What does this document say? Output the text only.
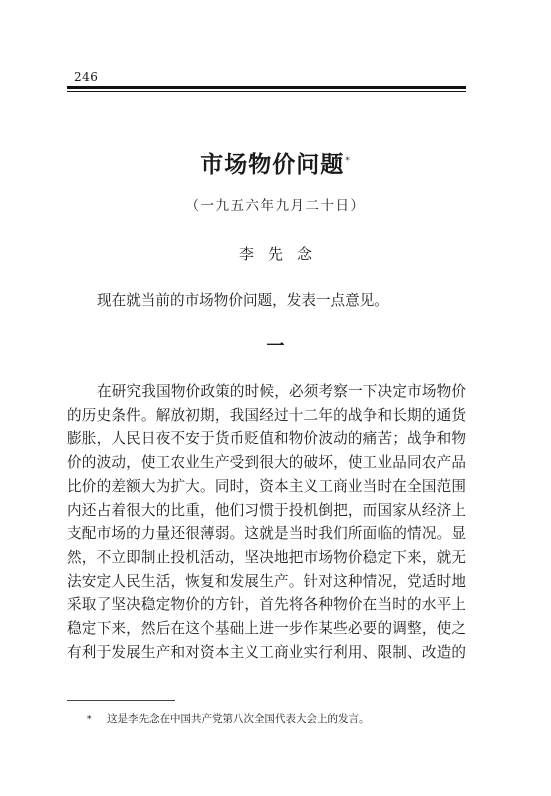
246
市场物价问题*
（一九五六年九月二十日）
李先念
现在就当前的市场物价问题，发表一点意见。
一
在研究我国物价政策的时候，必须考察一下决定市场物价
的历史条件。解放初期，我国经过十二年的战争和长期的通货
膨胀，人民日夜不安于货币贬值和物价波动的痛苦；战争和物
价的波动，使工农业生产受到很大的破坏，使工业品同农产品
比价的差额大为扩大。同时，资本主义工商业当时在全国范围
内还占着很大的比重，他们习惯于投机倒把，而国家从经济上
支配市场的力量还很薄弱。这就是当时我们所面临的情况。显
然，不立即制止投机活动，坚决地把市场物价稳定下来，就无
法安定人民生活，恢复和发展生产。针对这种情况，党适时地
采取了坚决稳定物价的方针，首先将各种物价在当时的水平上
稳定下来，然后在这个基础上进一步作某些必要的调整，使之
有利于发展生产和对资本主义工商业实行利用、限制、改造的
* 这是李先念在中国共产党第八次全国代表大会上的发言。
